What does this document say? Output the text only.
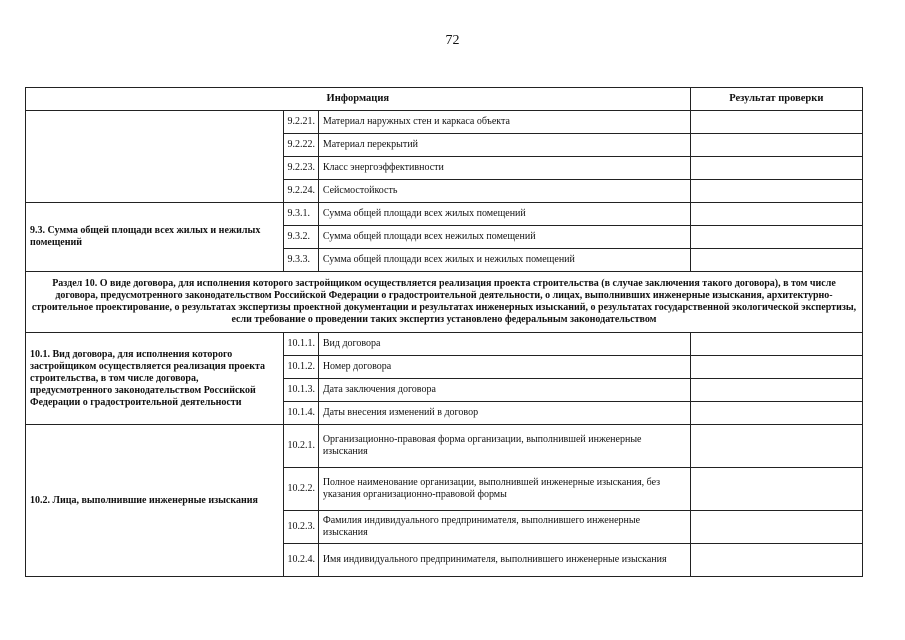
72
Информация			Результат проверки
	9.2.21.	Материал наружных стен и каркаса объекта	
	9.2.22.	Материал перекрытий	
	9.2.23.	Класс энергоэффективности	
	9.2.24.	Сейсмостойкость	
9.3. Сумма общей площади всех жилых и нежилых помещений	9.3.1.	Сумма общей площади всех жилых помещений	
	9.3.2.	Сумма общей площади всех нежилых помещений	
	9.3.3.	Сумма общей площади всех жилых и нежилых помещений	
Раздел 10. О виде договора, для исполнения которого застройщиком осуществляется реализация проекта строительства (в случае заключения такого договора), в том числе договора, предусмотренного законодательством Российской Федерации о градостроительной деятельности, о лицах, выполнивших инженерные изыскания, архитектурно-строительное проектирование, о результатах экспертизы проектной документации и результатах инженерных изысканий, о результатах государственной экологической экспертизы, если требование о проведении таких экспертиз установлено федеральным законодательством			
10.1. Вид договора, для исполнения которого застройщиком осуществляется реализация проекта строительства, в том числе договора, предусмотренного законодательством Российской Федерации о градостроительной деятельности	10.1.1.	Вид договора	
	10.1.2.	Номер договора	
	10.1.3.	Дата заключения договора	
	10.1.4.	Даты внесения изменений в договор	
10.2. Лица, выполнившие инженерные изыскания	10.2.1.	Организационно-правовая форма организации, выполнившей инженерные изыскания	
	10.2.2.	Полное наименование организации, выполнившей инженерные изыскания, без указания организационно-правовой формы	
	10.2.3.	Фамилия индивидуального предпринимателя, выполнившего инженерные изыскания	
	10.2.4.	Имя индивидуального предпринимателя, выполнившего инженерные изыскания	
